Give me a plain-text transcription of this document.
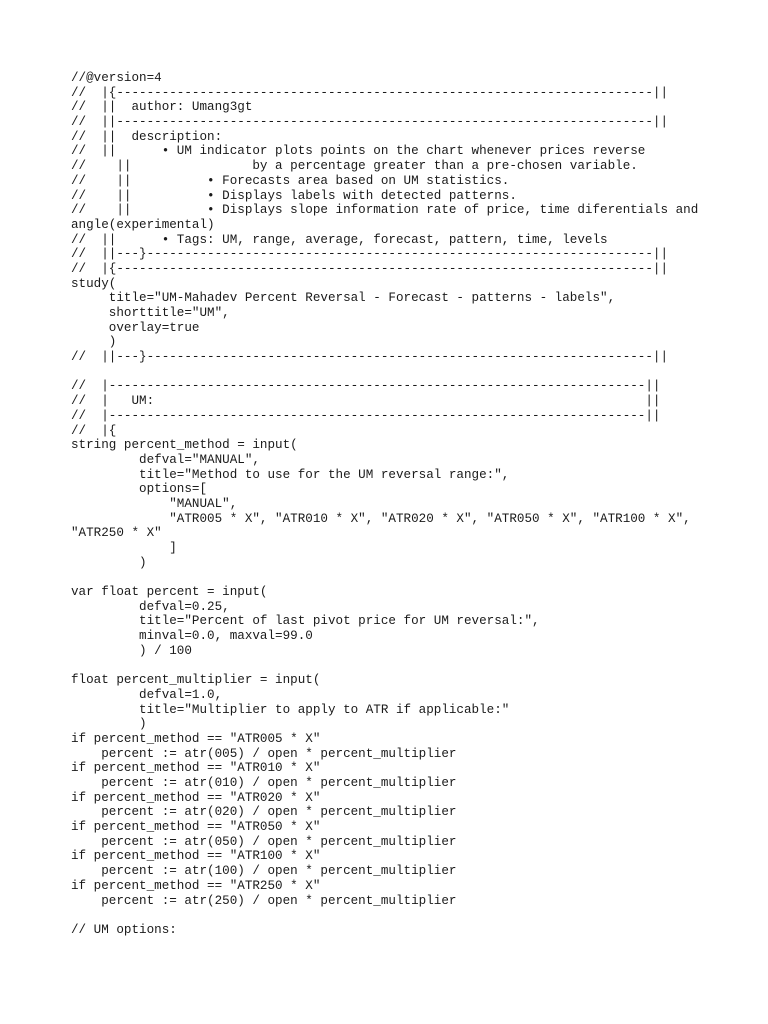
//@version=4
//  |{-----------------------------------------------------------------------||
//  ||  author: Umang3gt
//  ||-----------------------------------------------------------------------||
//  ||  description:
//  ||      • UM indicator plots points on the chart whenever prices reverse
//    ||                by a percentage greater than a pre-chosen variable.
//    ||          • Forecasts area based on UM statistics.
//    ||          • Displays labels with detected patterns.
//    ||          • Displays slope information rate of price, time diferentials and
angle(experimental)
//  ||      • Tags: UM, range, average, forecast, pattern, time, levels
//  ||---}-------------------------------------------------------------------||
//  |{-----------------------------------------------------------------------||
study(
title="UM-Mahadev Percent Reversal - Forecast - patterns - labels",
shorttitle="UM",
overlay=true
)
//  ||---}-------------------------------------------------------------------||
//  |-----------------------------------------------------------------------||
//  |   UM:                                                                 ||
//  |-----------------------------------------------------------------------||
//  |{
string percent_method = input(
defval="MANUAL",
title="Method to use for the UM reversal range:",
options=[
"MANUAL",
"ATR005 * X", "ATR010 * X", "ATR020 * X", "ATR050 * X", "ATR100 * X",
"ATR250 * X"
]
)
var float percent = input(
defval=0.25,
title="Percent of last pivot price for UM reversal:",
minval=0.0, maxval=99.0
) / 100
float percent_multiplier = input(
defval=1.0,
title="Multiplier to apply to ATR if applicable:"
)
if percent_method == "ATR005 * X"
percent := atr(005) / open * percent_multiplier
if percent_method == "ATR010 * X"
percent := atr(010) / open * percent_multiplier
if percent_method == "ATR020 * X"
percent := atr(020) / open * percent_multiplier
if percent_method == "ATR050 * X"
percent := atr(050) / open * percent_multiplier
if percent_method == "ATR100 * X"
percent := atr(100) / open * percent_multiplier
if percent_method == "ATR250 * X"
percent := atr(250) / open * percent_multiplier
// UM options:
